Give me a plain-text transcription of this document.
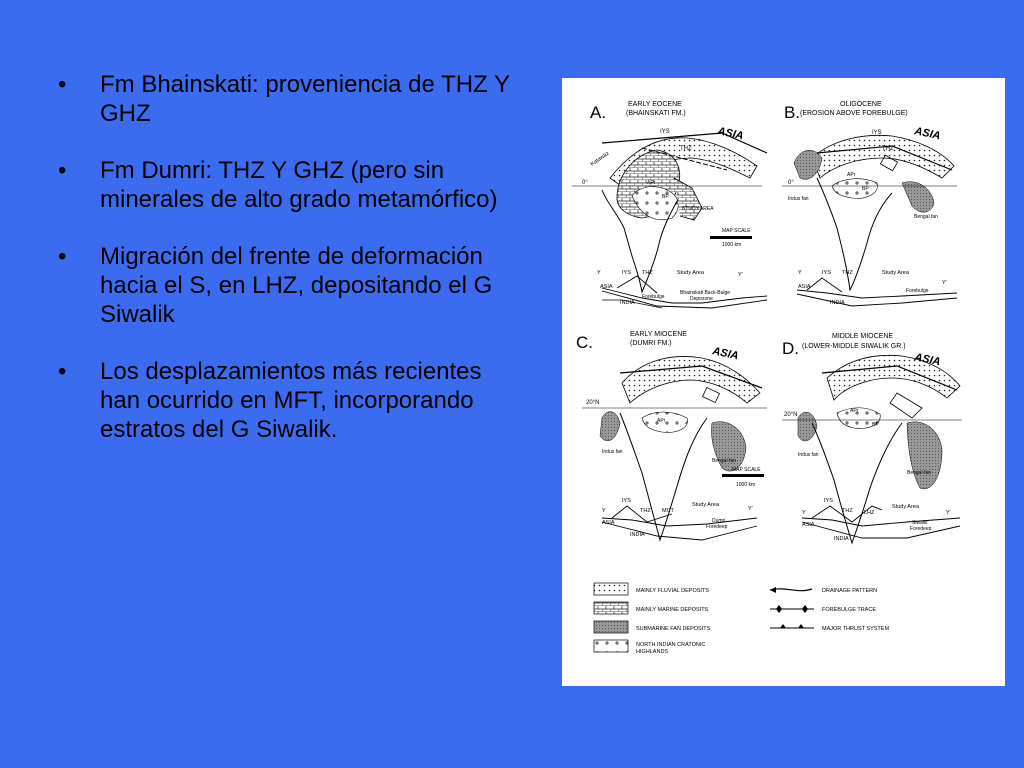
•	Fm Bhainskati: proveniencia de THZ Y GHZ
•	Fm Dumri: THZ Y GHZ (pero sin minerales de alto grado metamórfico)
•	Migración del frente de deformación hacia el S, en LHZ, depositando el G Siwalik
•	Los desplazamientos más recientes han ocurrido en MFT, incorporando estratos del G Siwalik.
A.	EARLY EOCENE
(BHAINSKATI FM.)
0°
ASIA
IYS
THZ
Katawaz
APr
BP
STUDY AREA
MAP SCALE
1000 km
Y	IYS THZ	Study Area	Y'
ASIA
INDIA
Forebulge
Bhainskati Back-Bulge
Depozone
B.	OLIGOCENE
(EROSION ABOVE FOREBULGE)
0°
ASIA
IYS
THZ
Indus fan
Bengal fan
APr
BP
Y	IYS THZ	Study Area
Y'
ASIA
INDIA
Forebulge
C.	EARLY MIOCENE
(DUMRI FM.)
20°N
ASIA
Indus fan
Bengal fan
APr
MAP SCALE
1000 km
Y
IYS
THZ MCT
Study Area
Y'
ASIA
INDIA
Dumri
Foredeep
D.
MIDDLE MIOCENE
(LOWER-MIDDLE SIWALIK GR.)
20°N
ASIA
Indus fan
Bengal fan
APr
BP
Y
IYS
THZ LHZ
Study Area
Y'
ASIA
INDIA
Siwalik
Foredeep
MAINLY FLUVIAL DEPOSITS
MAINLY MARINE DEPOSITS
SUBMARINE FAN DEPOSITS
NORTH INDIAN CRATONIC
HIGHLANDS
DRAINAGE PATTERN
FOREBULGE TRACE
MAJOR THRUST SYSTEM
